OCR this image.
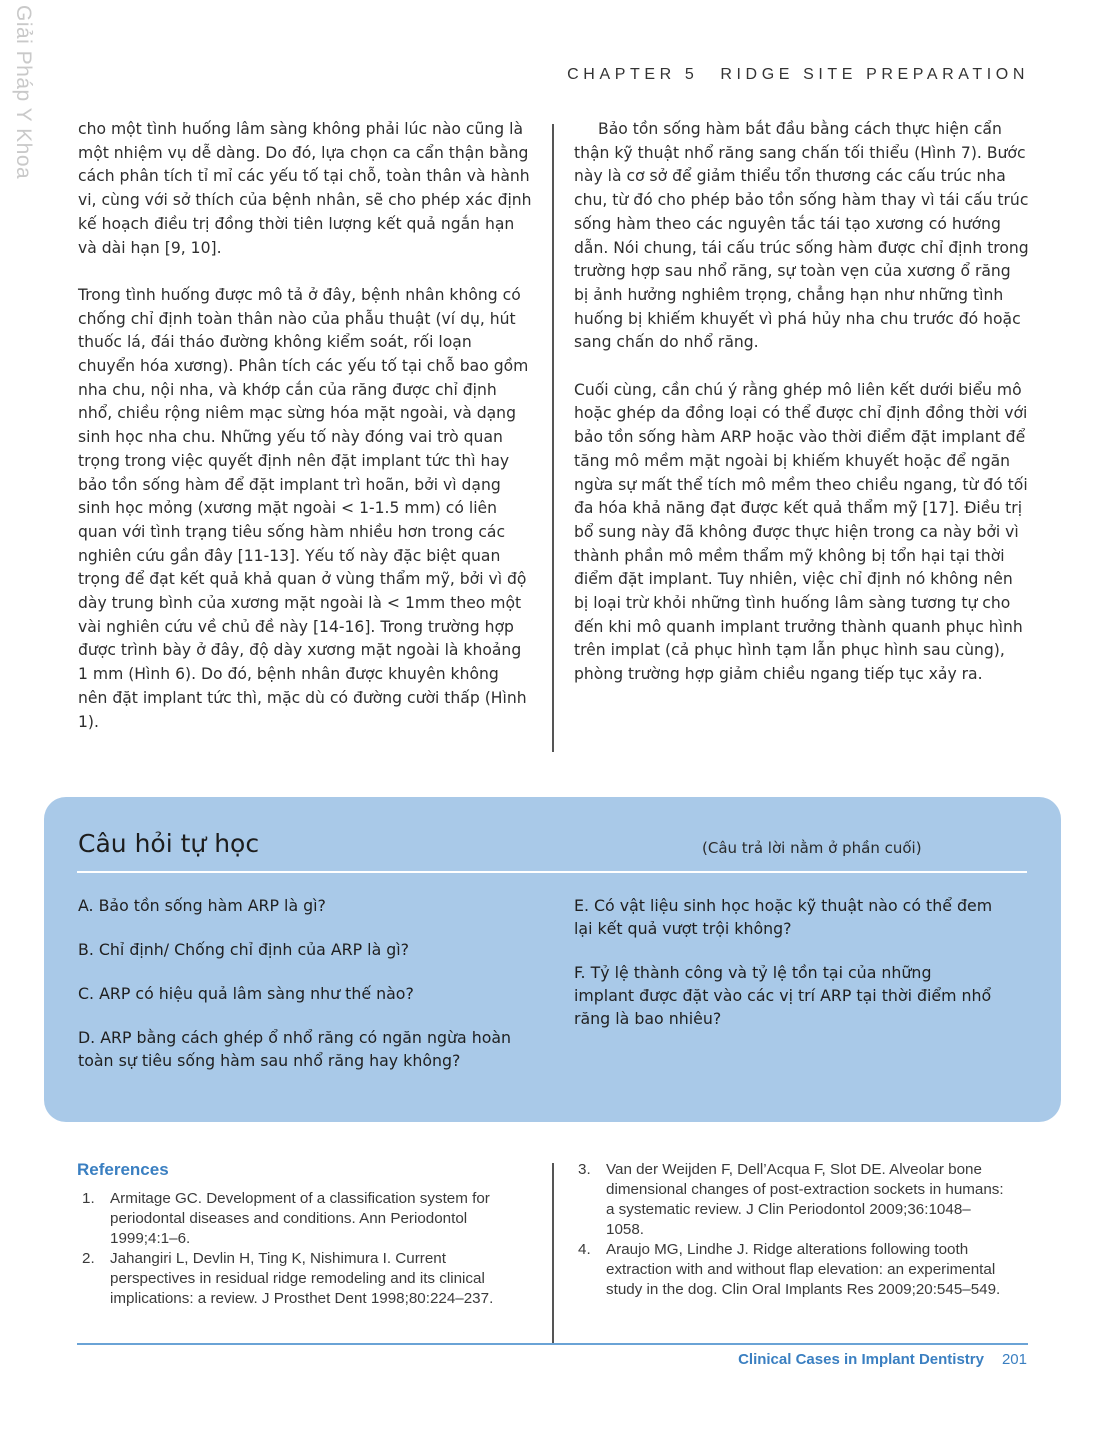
Giải Pháp Y Khoa	CHAPTER 5 RIDGE SITE PREPARATION

cho một tình huống lâm sàng không phải lúc nào cũng là một nhiệm vụ dễ dàng. Do đó, lựa chọn ca cẩn thận bằng cách phân tích tỉ mỉ các yếu tố tại chỗ, toàn thân và hành vi, cùng với sở thích của bệnh nhân, sẽ cho phép xác định kế hoạch điều trị đồng thời tiên lượng kết quả ngắn hạn và dài hạn [9, 10].

Trong tình huống được mô tả ở đây, bệnh nhân không có chống chỉ định toàn thân nào của phẫu thuật (ví dụ, hút thuốc lá, đái tháo đường không kiểm soát, rối loạn chuyển hóa xương). Phân tích các yếu tố tại chỗ bao gồm nha chu, nội nha, và khớp cắn của răng được chỉ định nhổ, chiều rộng niêm mạc sừng hóa mặt ngoài, và dạng sinh học nha chu. Những yếu tố này đóng vai trò quan trọng trong việc quyết định nên đặt implant tức thì hay bảo tồn sống hàm để đặt implant trì hoãn, bởi vì dạng sinh học mỏng (xương mặt ngoài < 1-1.5 mm) có liên quan với tình trạng tiêu sống hàm nhiều hơn trong các nghiên cứu gần đây [11-13]. Yếu tố này đặc biệt quan trọng để đạt kết quả khả quan ở vùng thẩm mỹ, bởi vì độ dày trung bình của xương mặt ngoài là < 1mm theo một vài nghiên cứu về chủ đề này [14-16]. Trong trường hợp được trình bày ở đây, độ dày xương mặt ngoài là khoảng 1 mm (Hình 6). Do đó, bệnh nhân được khuyên không nên đặt implant tức thì, mặc dù có đường cười thấp (Hình 1).

Bảo tồn sống hàm bắt đầu bằng cách thực hiện cẩn thận kỹ thuật nhổ răng sang chấn tối thiểu (Hình 7). Bước này là cơ sở để giảm thiểu tổn thương các cấu trúc nha chu, từ đó cho phép bảo tồn sống hàm thay vì tái cấu trúc sống hàm theo các nguyên tắc tái tạo xương có hướng dẫn. Nói chung, tái cấu trúc sống hàm được chỉ định trong trường hợp sau nhổ răng, sự toàn vẹn của xương ổ răng bị ảnh hưởng nghiêm trọng, chẳng hạn như những tình huống bị khiếm khuyết vì phá hủy nha chu trước đó hoặc sang chấn do nhổ răng.

Cuối cùng, cần chú ý rằng ghép mô liên kết dưới biểu mô hoặc ghép da đồng loại có thể được chỉ định đồng thời với bảo tồn sống hàm ARP hoặc vào thời điểm đặt implant để tăng mô mềm mặt ngoài bị khiếm khuyết hoặc để ngăn ngừa sự mất thể tích mô mềm theo chiều ngang, từ đó tối đa hóa khả năng đạt được kết quả thẩm mỹ [17]. Điều trị bổ sung này đã không được thực hiện trong ca này bởi vì thành phần mô mềm thẩm mỹ không bị tổn hại tại thời điểm đặt implant. Tuy nhiên, việc chỉ định nó không nên bị loại trừ khỏi những tình huống lâm sàng tương tự cho đến khi mô quanh implant trưởng thành quanh phục hình trên implat (cả phục hình tạm lẫn phục hình sau cùng), phòng trường hợp giảm chiều ngang tiếp tục xảy ra.

Câu hỏi tự học	(Câu trả lời nằm ở phần cuối)

A. Bảo tồn sống hàm ARP là gì?

B. Chỉ định/ Chống chỉ định của ARP là gì?

C. ARP có hiệu quả lâm sàng như thế nào?

D. ARP bằng cách ghép ổ nhổ răng có ngăn ngừa hoàn toàn sự tiêu sống hàm sau nhổ răng hay không?

E. Có vật liệu sinh học hoặc kỹ thuật nào có thể đem lại kết quả vượt trội không?

F. Tỷ lệ thành công và tỷ lệ tồn tại của những implant được đặt vào các vị trí ARP tại thời điểm nhổ răng là bao nhiêu?

References
1.	Armitage GC. Development of a classification system for periodontal diseases and conditions. Ann Periodontol 1999;4:1–6.
2.	Jahangiri L, Devlin H, Ting K, Nishimura I. Current perspectives in residual ridge remodeling and its clinical implications: a review. J Prosthet Dent 1998;80:224–237.
3.	Van der Weijden F, Dell’Acqua F, Slot DE. Alveolar bone dimensional changes of post-extraction sockets in humans: a systematic review. J Clin Periodontol 2009;36:1048–1058.
4.	Araujo MG, Lindhe J. Ridge alterations following tooth extraction with and without flap elevation: an experimental study in the dog. Clin Oral Implants Res 2009;20:545–549.
Clinical Cases in Implant Dentistry 201
